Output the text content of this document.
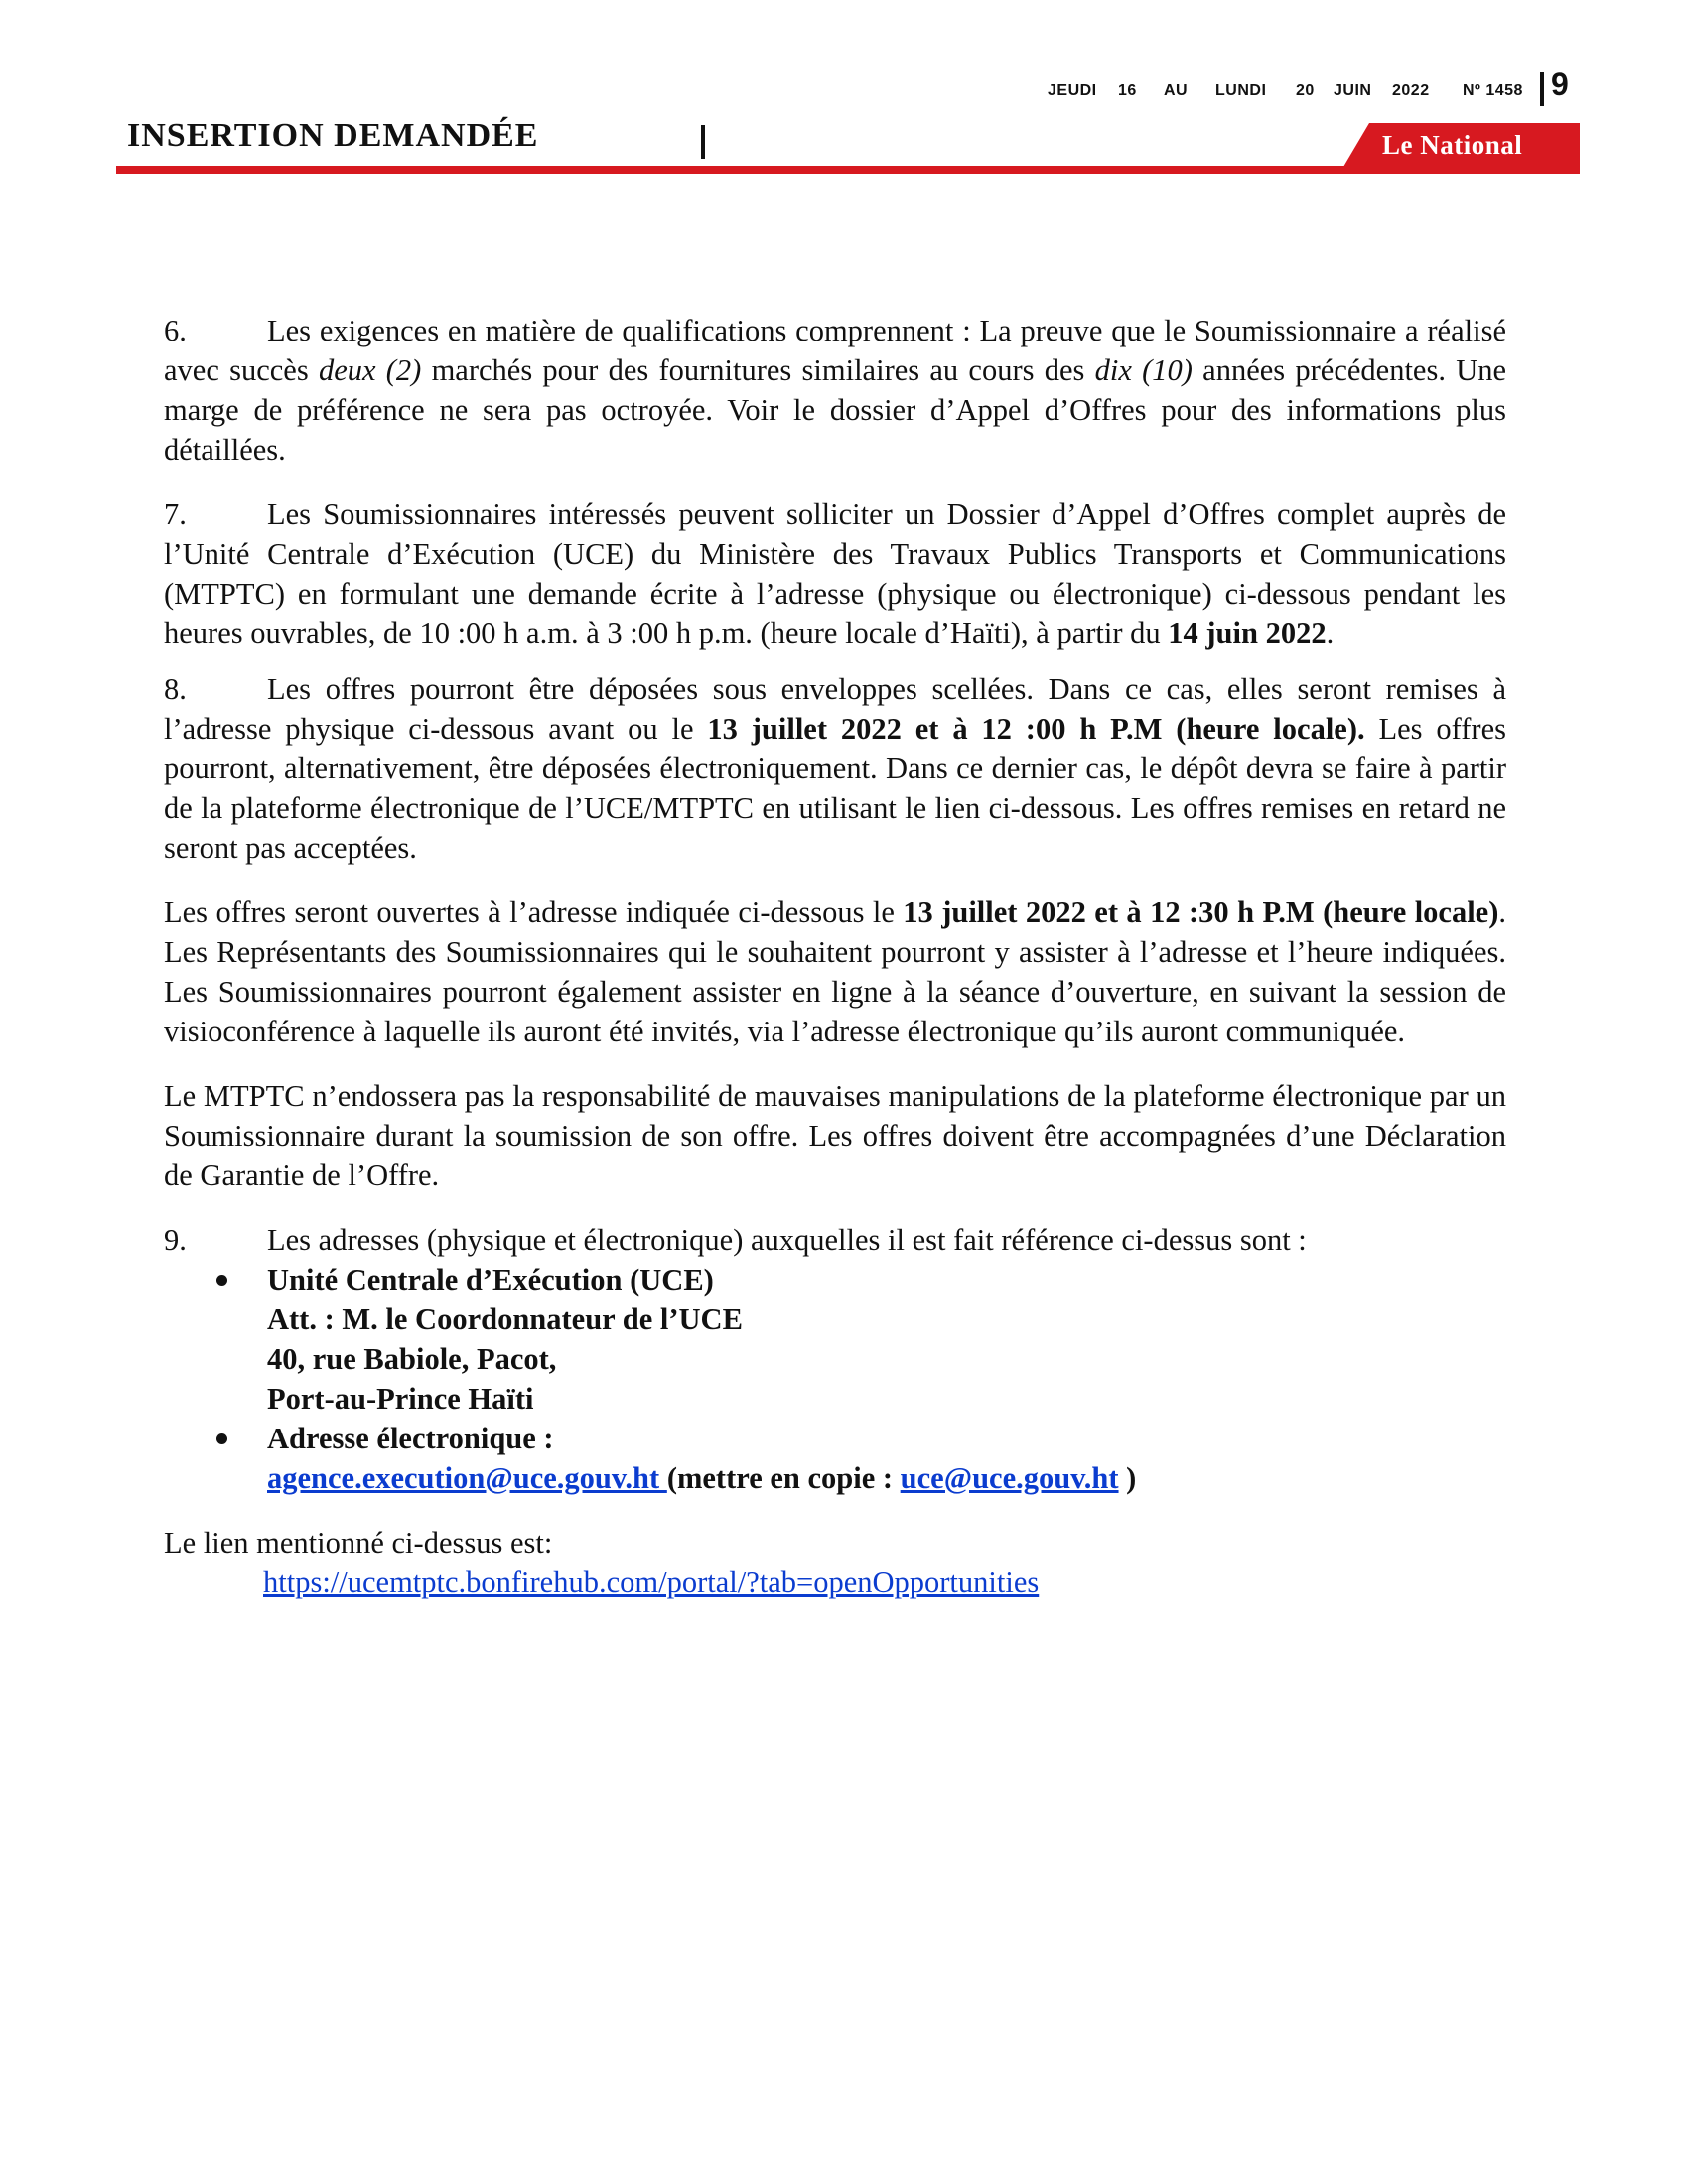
JEUDI 16 AU LUNDI 20 JUIN 2022 Nº 1458 9
INSERTION DEMANDÉE	Le National

6.	Les exigences en matière de qualifications comprennent : La preuve que le Soumissionnaire a réalisé avec succès deux (2) marchés pour des fournitures similaires au cours des dix (10) années précédentes. Une marge de préférence ne sera pas octroyée. Voir le dossier d’Appel d’Offres pour des informations plus détaillées.

7.	Les Soumissionnaires intéressés peuvent solliciter un Dossier d’Appel d’Offres complet auprès de l’Unité Centrale d’Exécution (UCE) du Ministère des Travaux Publics Transports et Communications (MTPTC) en formulant une demande écrite à l’adresse (physique ou électronique) ci-dessous pendant les heures ouvrables, de 10 :00 h a.m. à 3 :00 h p.m. (heure locale d’Haïti), à partir du 14 juin 2022.

8.	Les offres pourront être déposées sous enveloppes scellées. Dans ce cas, elles seront remises à l’adresse physique ci-dessous avant ou le 13 juillet 2022 et à 12 :00 h P.M (heure locale). Les offres pourront, alternativement, être déposées électroniquement. Dans ce dernier cas, le dépôt devra se faire à partir de la plateforme électronique de l’UCE/MTPTC en utilisant le lien ci-dessous. Les offres remises en retard ne seront pas acceptées.

Les offres seront ouvertes à l’adresse indiquée ci-dessous le 13 juillet 2022 et à 12 :30 h P.M (heure locale). Les Représentants des Soumissionnaires qui le souhaitent pourront y assister à l’adresse et l’heure indiquées. Les Soumissionnaires pourront également assister en ligne à la séance d’ouverture, en suivant la session de visioconférence à laquelle ils auront été invités, via l’adresse électronique qu’ils auront communiquée.

Le MTPTC n’endossera pas la responsabilité de mauvaises manipulations de la plateforme électronique par un Soumissionnaire durant la soumission de son offre. Les offres doivent être accompagnées d’une Déclaration de Garantie de l’Offre.

9.	Les adresses (physique et électronique) auxquelles il est fait référence ci-dessus sont :
Unité Centrale d’Exécution (UCE)
Att. : M. le Coordonnateur de l’UCE
40, rue Babiole, Pacot,
Port-au-Prince Haïti
Adresse électronique :
agence.execution@uce.gouv.ht (mettre en copie : uce@uce.gouv.ht )
Le lien mentionné ci-dessus est:
https://ucemtptc.bonfirehub.com/portal/?tab=openOpportunities
